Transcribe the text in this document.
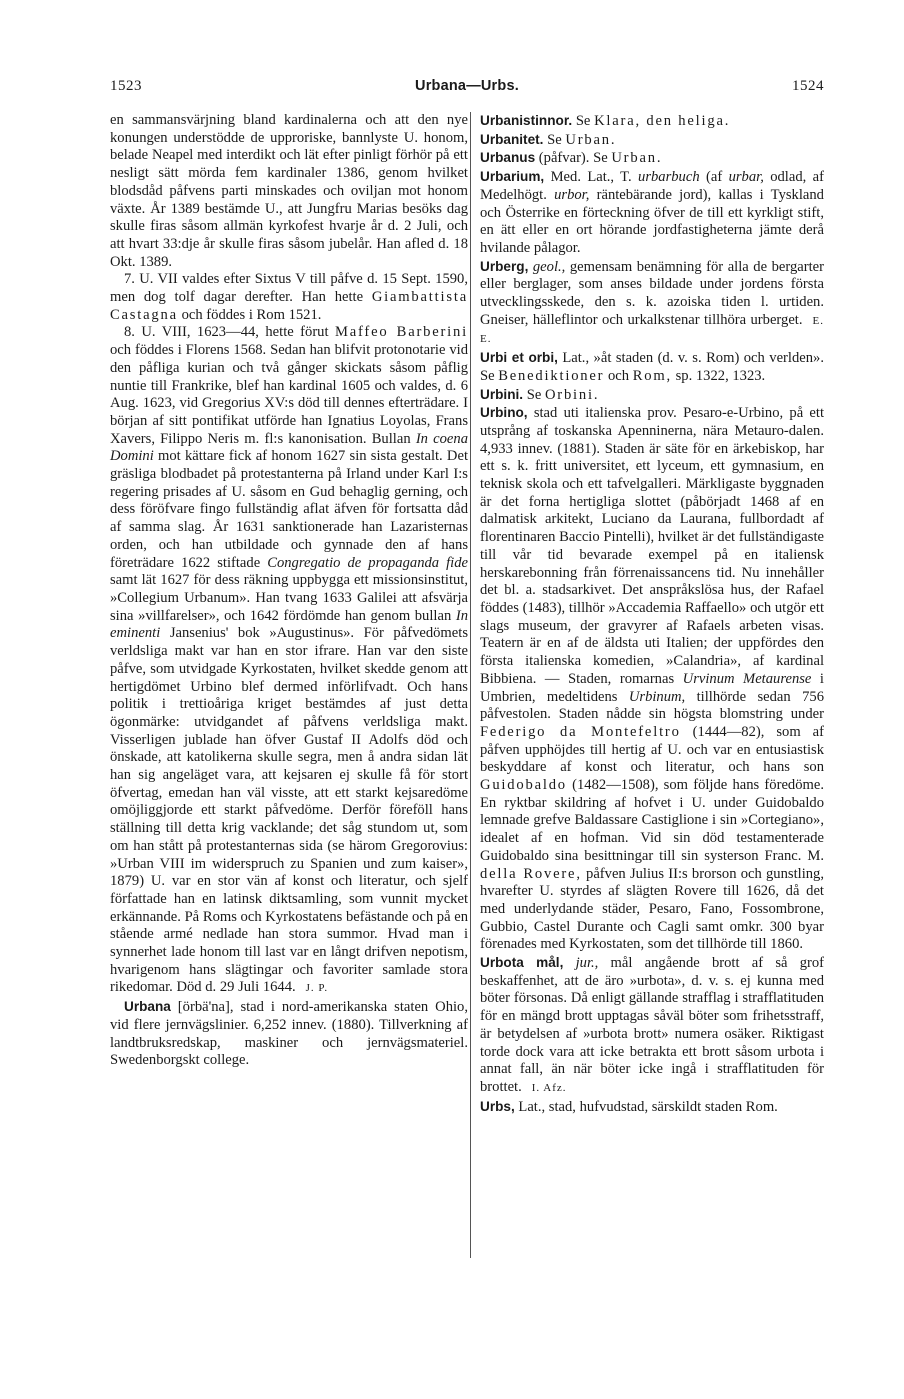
1523	Urbana—Urbs.	1524

en sammansvärjning bland kardinalerna och att den nye konungen understödde de upproriske, bannlyste U. honom, belade Neapel med interdikt och lät efter pinligt förhör på ett nesligt sätt mörda fem kardinaler 1386, genom hvilket blodsdåd påfvens parti minskades och oviljan mot honom växte. År 1389 bestämde U., att Jungfru Marias besöks dag skulle firas såsom allmän kyrkofest hvarje år d. 2 Juli, och att hvart 33:dje år skulle firas såsom jubelår. Han afled d. 18 Okt. 1389.

7. U. VII valdes efter Sixtus V till påfve d. 15 Sept. 1590, men dog tolf dagar derefter. Han hette Giambattista Castagna och föddes i Rom 1521.

8. U. VIII, 1623—44, hette förut Maffeo Barberini och föddes i Florens 1568. Sedan han blifvit protonotarie vid den påfliga kurian och två gånger skickats såsom påflig nuntie till Frankrike, blef han kardinal 1605 och valdes, d. 6 Aug. 1623, vid Gregorius XV:s död till dennes efterträdare. I början af sitt pontifikat utförde han Ignatius Loyolas, Frans Xavers, Filippo Neris m. fl:s kanonisation. Bullan In coena Domini mot kättare fick af honom 1627 sin sista gestalt. Det gräsliga blodbadet på protestanterna på Irland under Karl I:s regering prisades af U. såsom en Gud behaglig gerning, och dess föröfvare fingo fullständig aflat äfven för fortsatta dåd af samma slag. År 1631 sanktionerade han Lazaristernas orden, och han utbildade och gynnade den af hans företrädare 1622 stiftade Congregatio de propaganda fide samt lät 1627 för dess räkning uppbygga ett missionsinstitut, »Collegium Urbanum». Han tvang 1633 Galilei att afsvärja sina »villfarelser», och 1642 fördömde han genom bullan In eminenti Jansenius' bok »Augustinus». För påfvedömets verldsliga makt var han en stor ifrare. Han var den siste påfve, som utvidgade Kyrkostaten, hvilket skedde genom att hertigdömet Urbino blef dermed införlifvadt. Och hans politik i trettioåriga kriget bestämdes af just detta ögonmärke: utvidgandet af påfvens verldsliga makt. Visserligen jublade han öfver Gustaf II Adolfs död och önskade, att katolikerna skulle segra, men å andra sidan lät han sig angeläget vara, att kejsaren ej skulle få för stort öfvertag, emedan han väl visste, att ett starkt kejsaredöme omöjliggjorde ett starkt påfvedöme. Derför föreföll hans ställning till detta krig vacklande; det såg stundom ut, som om han stått på protestanternas sida (se härom Gregorovius: »Urban VIII im widerspruch zu Spanien und zum kaiser», 1879) U. var en stor vän af konst och literatur, och sjelf författade han en latinsk diktsamling, som vunnit mycket erkännande. På Roms och Kyrkostatens befästande och på en stående armé nedlade han stora summor. Hvad man i synnerhet lade honom till last var en långt drifven nepotism, hvarigenom hans slägtingar och favoriter samlade stora rikedomar. Död d. 29 Juli 1644. J. P.

Urbana [örbä'na], stad i nord-amerikanska staten Ohio, vid flere jernvägslinier. 6,252 innev. (1880). Tillverkning af landtbruksredskap, maskiner och jernvägsmateriel. Swedenborgskt college.

Urbanistinnor. Se Klara, den heliga.

Urbanitet. Se Urban.

Urbanus (påfvar). Se Urban.

Urbarium, Med. Lat., T. urbarbuch (af urbar, odlad, af Medelhögt. urbor, räntebärande jord), kallas i Tyskland och Österrike en förteckning öfver de till ett kyrkligt stift, en ätt eller en ort hörande jordfastigheterna jämte derå hvilande pålagor.

Urberg, geol., gemensam benämning för alla de bergarter eller berglager, som anses bildade under jordens första utvecklingsskede, den s. k. azoiska tiden l. urtiden. Gneiser, hälleflintor och urkalkstenar tillhöra urberget. E. E.

Urbi et orbi, Lat., »åt staden (d. v. s. Rom) och verlden». Se Benediktioner och Rom, sp. 1322, 1323.

Urbini. Se Orbini.

Urbino, stad uti italienska prov. Pesaro-e-Urbino, på ett utsprång af toskanska Apenninerna, nära Metauro-dalen. 4,933 innev. (1881). Staden är säte för en ärkebiskop, har ett s. k. fritt universitet, ett lyceum, ett gymnasium, en teknisk skola och ett tafvelgalleri. Märkligaste byggnaden är det forna hertigliga slottet (påbörjadt 1468 af en dalmatisk arkitekt, Luciano da Laurana, fullbordadt af florentinaren Baccio Pintelli), hvilket är det fullständigaste till vår tid bevarade exempel på en italiensk herskarebonning från förrenaissancens tid. Nu innehåller det bl. a. stadsarkivet. Det anspråkslösa hus, der Rafael föddes (1483), tillhör »Accademia Raffaello» och utgör ett slags museum, der gravyrer af Rafaels arbeten visas. Teatern är en af de äldsta uti Italien; der uppfördes den första italienska komedien, »Calandria», af kardinal Bibbiena. — Staden, romarnas Urvinum Metaurense i Umbrien, medeltidens Urbinum, tillhörde sedan 756 påfvestolen. Staden nådde sin högsta blomstring under Federigo da Montefeltro (1444—82), som af påfven upphöjdes till hertig af U. och var en entusiastisk beskyddare af konst och literatur, och hans son Guidobaldo (1482—1508), som följde hans föredöme. En ryktbar skildring af hofvet i U. under Guidobaldo lemnade grefve Baldassare Castiglione i sin »Cortegiano», idealet af en hofman. Vid sin död testamenterade Guidobaldo sina besittningar till sin systerson Franc. M. della Rovere, påfven Julius II:s brorson och gunstling, hvarefter U. styrdes af slägten Rovere till 1626, då det med underlydande städer, Pesaro, Fano, Fossombrone, Gubbio, Castel Durante och Cagli samt omkr. 300 byar förenades med Kyrkostaten, som det tillhörde till 1860.

Urbota mål, jur., mål angående brott af så grof beskaffenhet, att de äro »urbota», d. v. s. ej kunna med böter försonas. Då enligt gällande strafflag i strafflatituden för en mängd brott upptagas såväl böter som frihetsstraff, är betydelsen af »urbota brott» numera osäker. Riktigast torde dock vara att icke betrakta ett brott såsom urbota i annat fall, än när böter icke ingå i strafflatituden för brottet. I. Afz.

Urbs, Lat., stad, hufvudstad, särskildt staden Rom.
